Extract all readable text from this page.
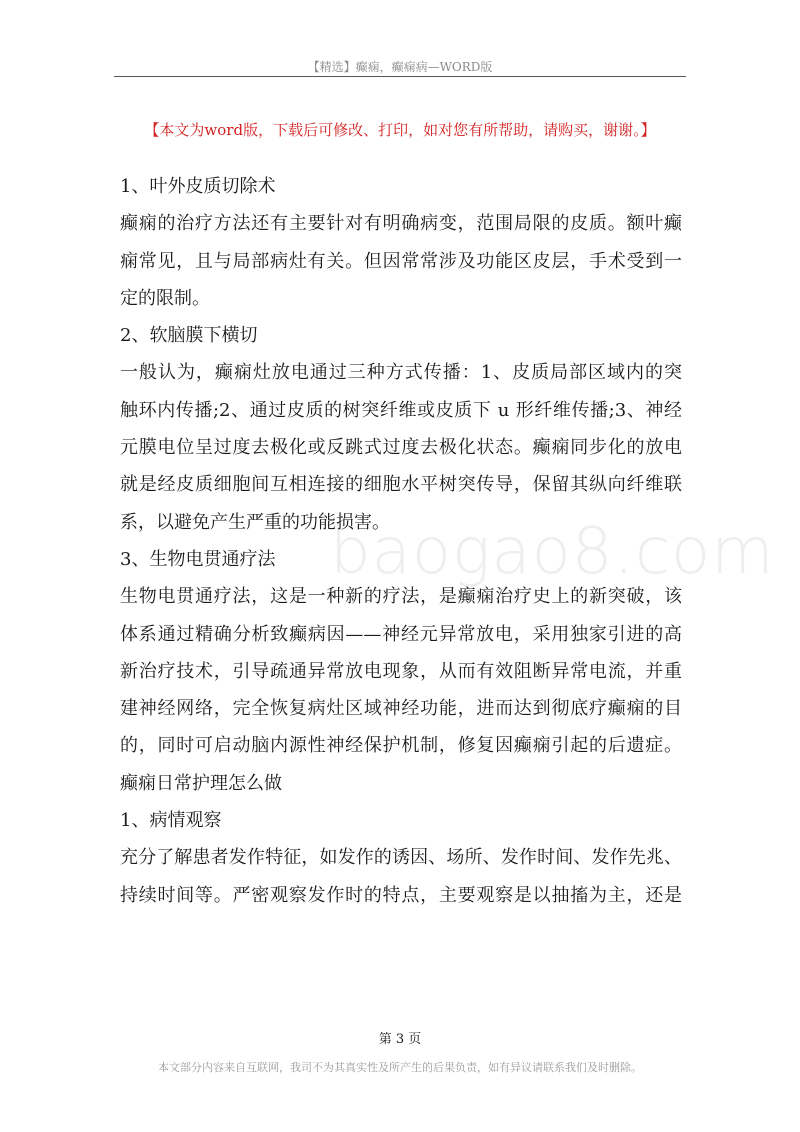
【精选】癫痫，癫痫病—WORD版
【本文为word版，下载后可修改、打印，如对您有所帮助，请购买，谢谢。】
1、叶外皮质切除术
癫痫的治疗方法还有主要针对有明确病变，范围局限的皮质。额叶癫
痫常见，且与局部病灶有关。但因常常涉及功能区皮层，手术受到一
定的限制。
2、软脑膜下横切
一般认为，癫痫灶放电通过三种方式传播：1、皮质局部区域内的突
触环内传播;2、通过皮质的树突纤维或皮质下 u 形纤维传播;3、神经
元膜电位呈过度去极化或反跳式过度去极化状态。癫痫同步化的放电
就是经皮质细胞间互相连接的细胞水平树突传导，保留其纵向纤维联
系，以避免产生严重的功能损害。
3、生物电贯通疗法
生物电贯通疗法，这是一种新的疗法，是癫痫治疗史上的新突破，该
体系通过精确分析致癫病因——神经元异常放电，采用独家引进的高
新治疗技术，引导疏通异常放电现象，从而有效阻断异常电流，并重
建神经网络，完全恢复病灶区域神经功能，进而达到彻底疗癫痫的目
的，同时可启动脑内源性神经保护机制，修复因癫痫引起的后遗症。
癫痫日常护理怎么做
1、病情观察
充分了解患者发作特征，如发作的诱因、场所、发作时间、发作先兆、
持续时间等。严密观察发作时的特点，主要观察是以抽搐为主，还是
baogao8.com
第 3 页
本文部分内容来自互联网，我司不为其真实性及所产生的后果负责，如有异议请联系我们及时删除。
